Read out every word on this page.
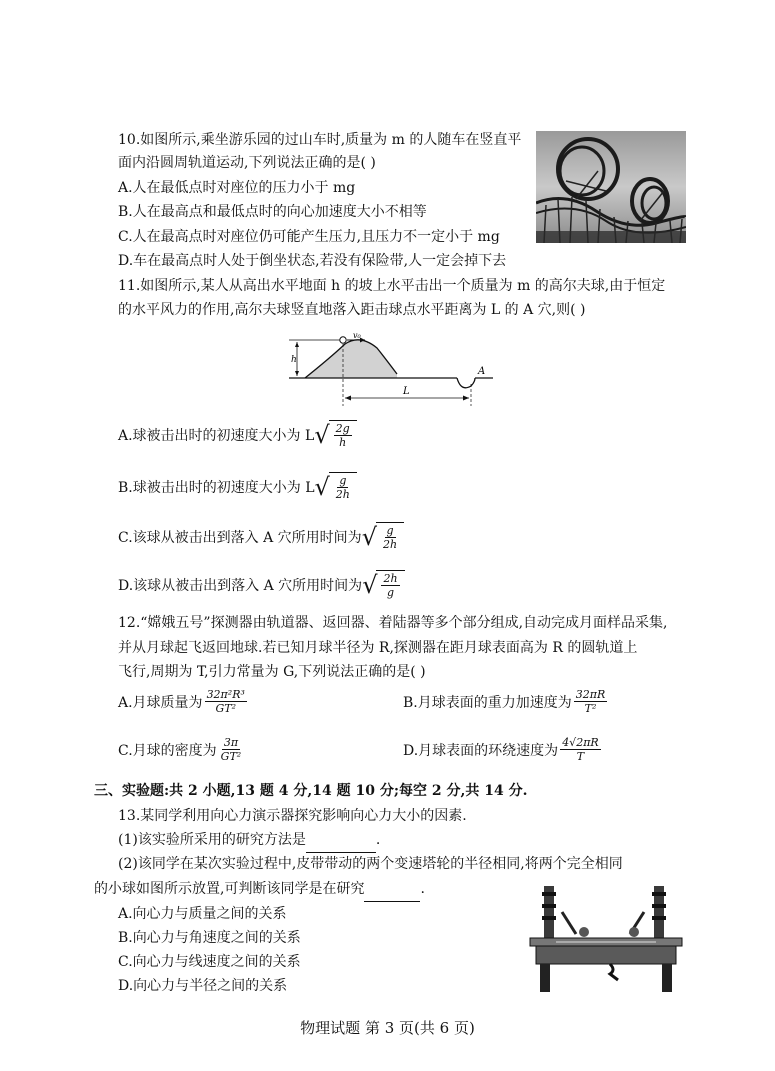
10.如图所示,乘坐游乐园的过山车时,质量为 m 的人随车在竖直平
面内沿圆周轨道运动,下列说法正确的是( )
A.人在最低点时对座位的压力小于 mg
B.人在最高点和最低点时的向心加速度大小不相等
C.人在最高点时对座位仍可能产生压力,且压力不一定小于 mg
D.车在最高点时人处于倒坐状态,若没有保险带,人一定会掉下去
11.如图所示,某人从高出水平地面 h 的坡上水平击出一个质量为 m 的高尔夫球,由于恒定
的水平风力的作用,高尔夫球竖直地落入距击球点水平距离为 L 的 A 穴,则( )
v₀
h
L
A
A.球被击出时的初速度大小为 L √ $\frac{2g}{h}$
B.球被击出时的初速度大小为 L √ $\frac{g}{2h}$
C.该球从被击出到落入 A 穴所用时间为 √ $\frac{g}{2h}$
D.该球从被击出到落入 A 穴所用时间为 √ $\frac{2h}{g}$
12.“嫦娥五号”探测器由轨道器、返回器、着陆器等多个部分组成,自动完成月面样品采集,
并从月球起飞返回地球.若已知月球半径为 R,探测器在距月球表面高为 R 的圆轨道上
飞行,周期为 T,引力常量为 G,下列说法正确的是( )
A.月球质量为 $\frac{\text{32π²R³}}{\text{GT²}}$	B.月球表面的重力加速度为 $\frac{32\pi R}{\text{T²}}$
C.月球的密度为 $\frac{3\pi}{\text{GT²}}$	D.月球表面的环绕速度为 $\frac{4√2\pi R}{T}$
三、实验题:共 2 小题,13 题 4 分,14 题 10 分;每空 2 分,共 14 分.
13.某同学利用向心力演示器探究影响向心力大小的因素.
(1)该实验所采用的研究方法是	.
(2)该同学在某次实验过程中,皮带带动的两个变速塔轮的半径相同,将两个完全相同
的小球如图所示放置,可判断该同学是在研究	.
A.向心力与质量之间的关系
B.向心力与角速度之间的关系
C.向心力与线速度之间的关系
D.向心力与半径之间的关系
物理试题 第 3 页(共 6 页)
